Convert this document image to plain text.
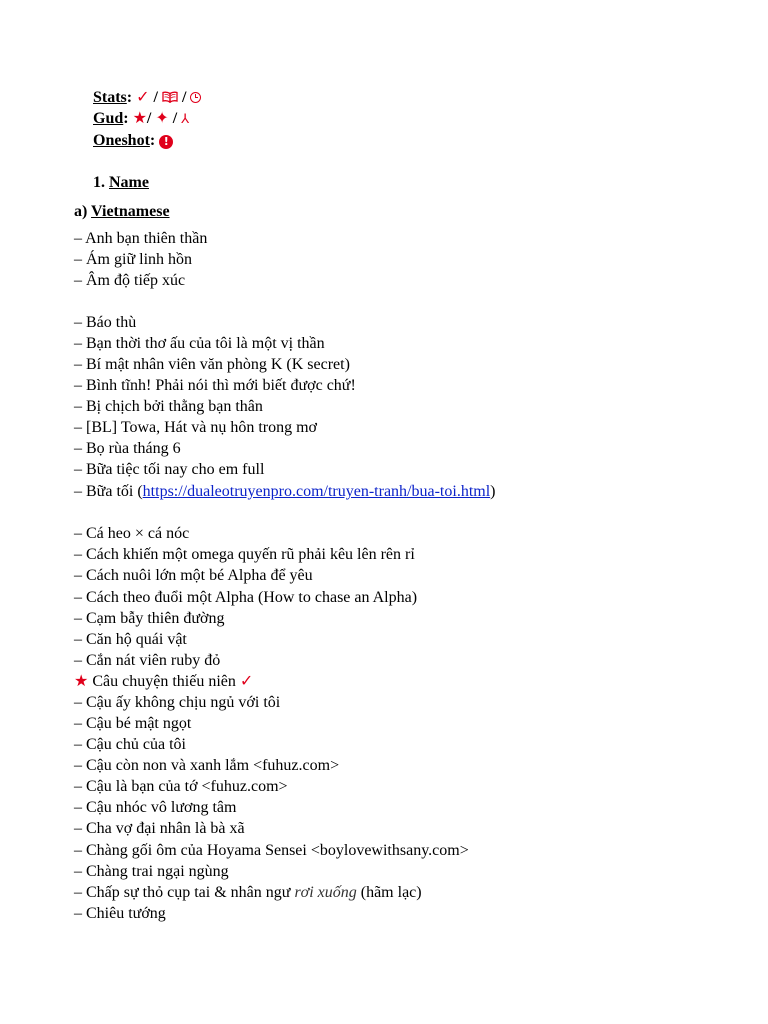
Stats: ✓ / /
Gud: ★/ ✦ / ⅄
Oneshot: !
1. Name
a) Vietnamese
– Anh bạn thiên thần
– Ám giữ linh hồn
– Âm độ tiếp xúc
– Báo thù
– Bạn thời thơ ấu của tôi là một vị thần
– Bí mật nhân viên văn phòng K (K secret)
– Bình tĩnh! Phải nói thì mới biết được chứ!
– Bị chịch bởi thằng bạn thân
– [BL] Towa, Hát và nụ hôn trong mơ
– Bọ rùa tháng 6
– Bữa tiệc tối nay cho em full
– Bữa tối (https://dualeotruyenpro.com/truyen-tranh/bua-toi.html)
– Cá heo × cá nóc
– Cách khiến một omega quyến rũ phải kêu lên rên rỉ
– Cách nuôi lớn một bé Alpha để yêu
– Cách theo đuổi một Alpha (How to chase an Alpha)
– Cạm bẫy thiên đường
– Căn hộ quái vật
– Cắn nát viên ruby đỏ
★ Câu chuyện thiếu niên ✓
– Cậu ấy không chịu ngủ với tôi
– Cậu bé mật ngọt
– Cậu chủ của tôi
– Cậu còn non và xanh lắm <fuhuz.com>
– Cậu là bạn của tớ <fuhuz.com>
– Cậu nhóc vô lương tâm
– Cha vợ đại nhân là bà xã
– Chàng gối ôm của Hoyama Sensei <boylovewithsany.com>
– Chàng trai ngại ngùng
– Chấp sự thỏ cụp tai & nhân ngư rơi xuống (hãm lạc)
– Chiêu tướng
